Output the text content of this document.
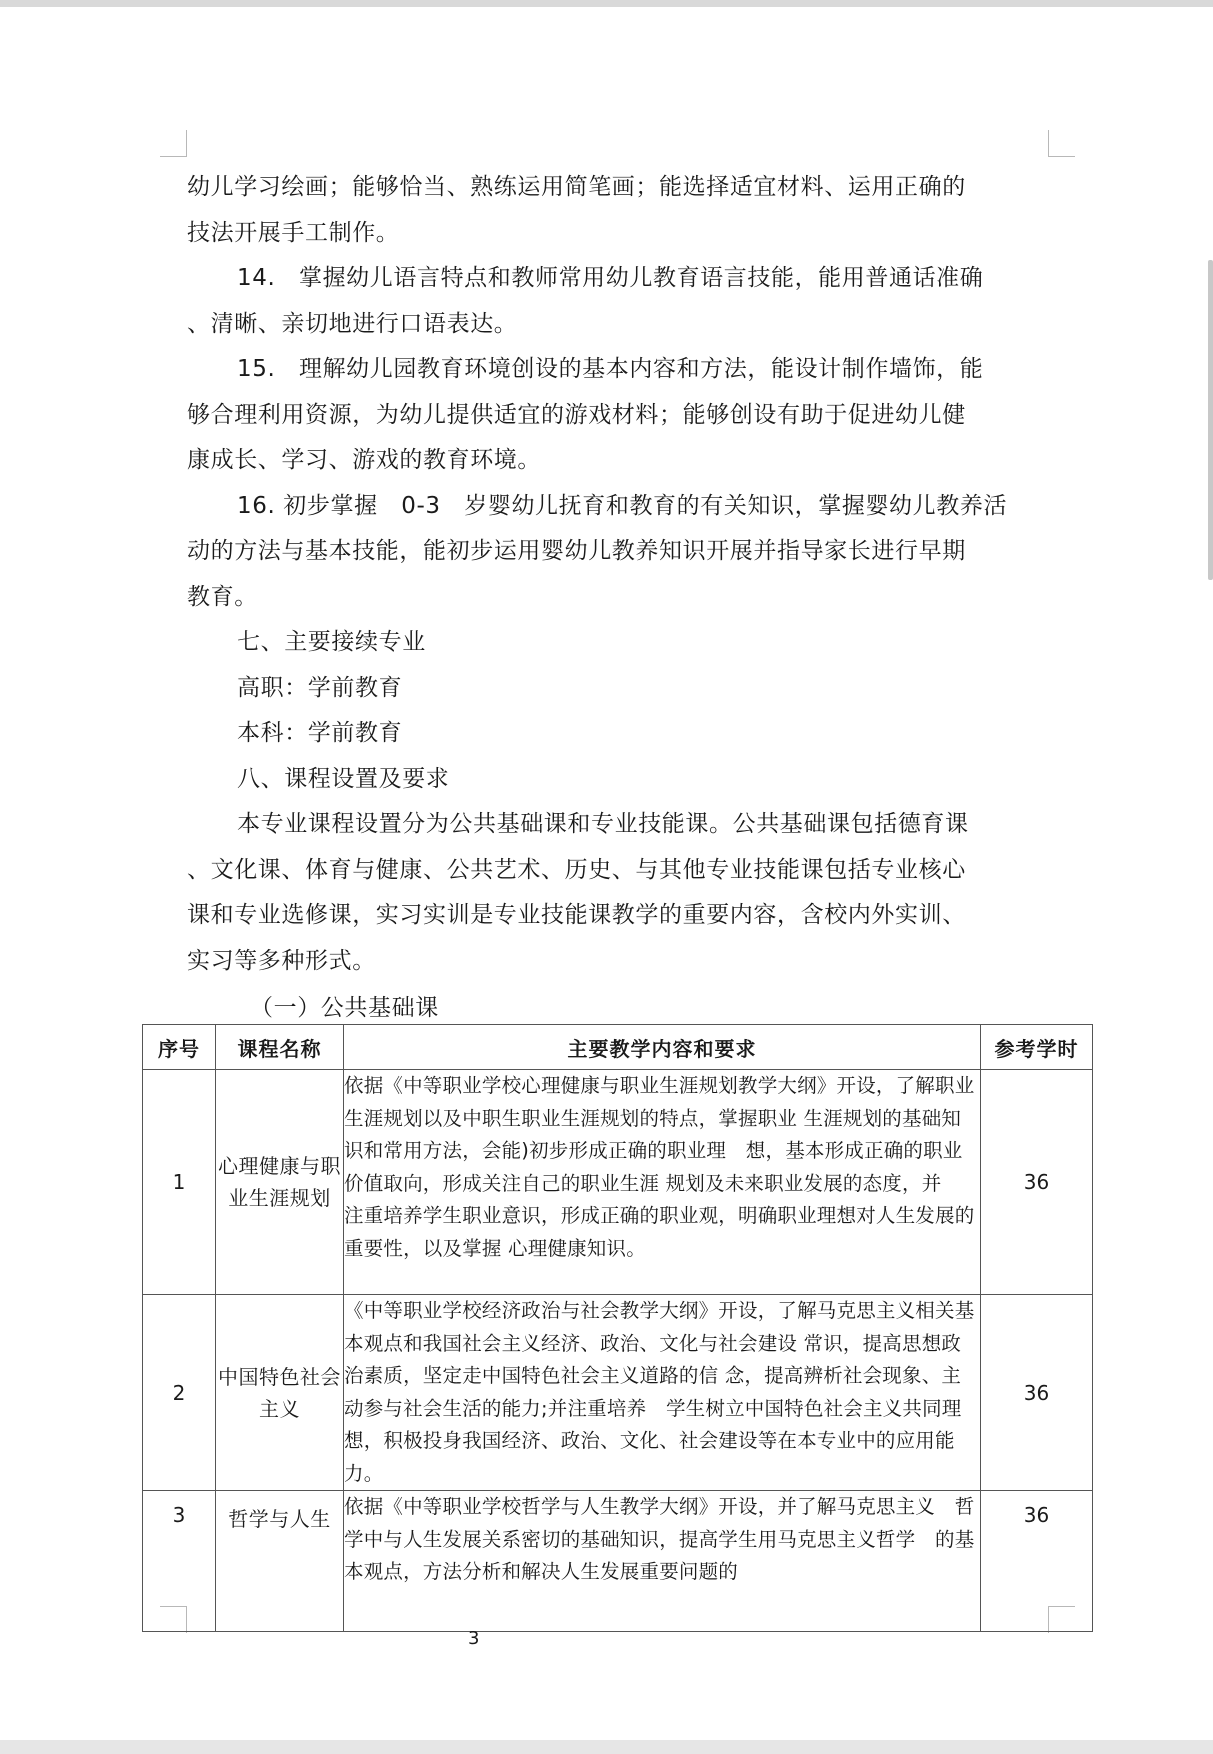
幼儿学习绘画；能够恰当、熟练运用简笔画；能选择适宜材料、运用正确的

技法开展手工制作。

14.　掌握幼儿语言特点和教师常用幼儿教育语言技能，能用普通话准确

、清晰、亲切地进行口语表达。

15.　理解幼儿园教育环境创设的基本内容和方法，能设计制作墙饰，能

够合理利用资源，为幼儿提供适宜的游戏材料；能够创设有助于促进幼儿健

康成长、学习、游戏的教育环境。

16. 初步掌握　0-3　岁婴幼儿抚育和教育的有关知识，掌握婴幼儿教养活

动的方法与基本技能，能初步运用婴幼儿教养知识开展并指导家长进行早期

教育。

七、主要接续专业

高职：学前教育

本科：学前教育

八、课程设置及要求

本专业课程设置分为公共基础课和专业技能课。公共基础课包括德育课

、文化课、体育与健康、公共艺术、历史、与其他专业技能课包括专业核心

课和专业选修课，实习实训是专业技能课教学的重要内容，含校内外实训、

实习等多种形式。

（一）公共基础课
序号	课程名称	主要教学内容和要求	参考学时
1	心理健康与职业生涯规划	依据《中等职业学校心理健康与职业生涯规划教学大纲》开设，了解职业生涯规划以及中职生职业生涯规划的特点，掌握职业 生涯规划的基础知识和常用方法，会能)初步形成正确的职业理　想，基本形成正确的职业价值取向，形成关注自己的职业生涯 规划及未来职业发展的态度，并　注重培养学生职业意识，形成正确的职业观，明确职业理想对人生发展的重要性，以及掌握 心理健康知识。	36
2	中国特色社会主义	《中等职业学校经济政治与社会教学大纲》开设，了解马克思主义相关基本观点和我国社会主义经济、政治、文化与社会建设 常识，提高思想政治素质，坚定走中国特色社会主义道路的信 念，提高辨析社会现象、主动参与社会生活的能力;并注重培养　学生树立中国特色社会主义共同理想，积极投身我国经济、政治、文化、社会建设等在本专业中的应用能力。	36
3	哲学与人生	依据《中等职业学校哲学与人生教学大纲》开设，并了解马克思主义　哲学中与人生发展关系密切的基础知识，提高学生用马克思主义哲学　的基本观点，方法分析和解决人生发展重要问题的	36
3
